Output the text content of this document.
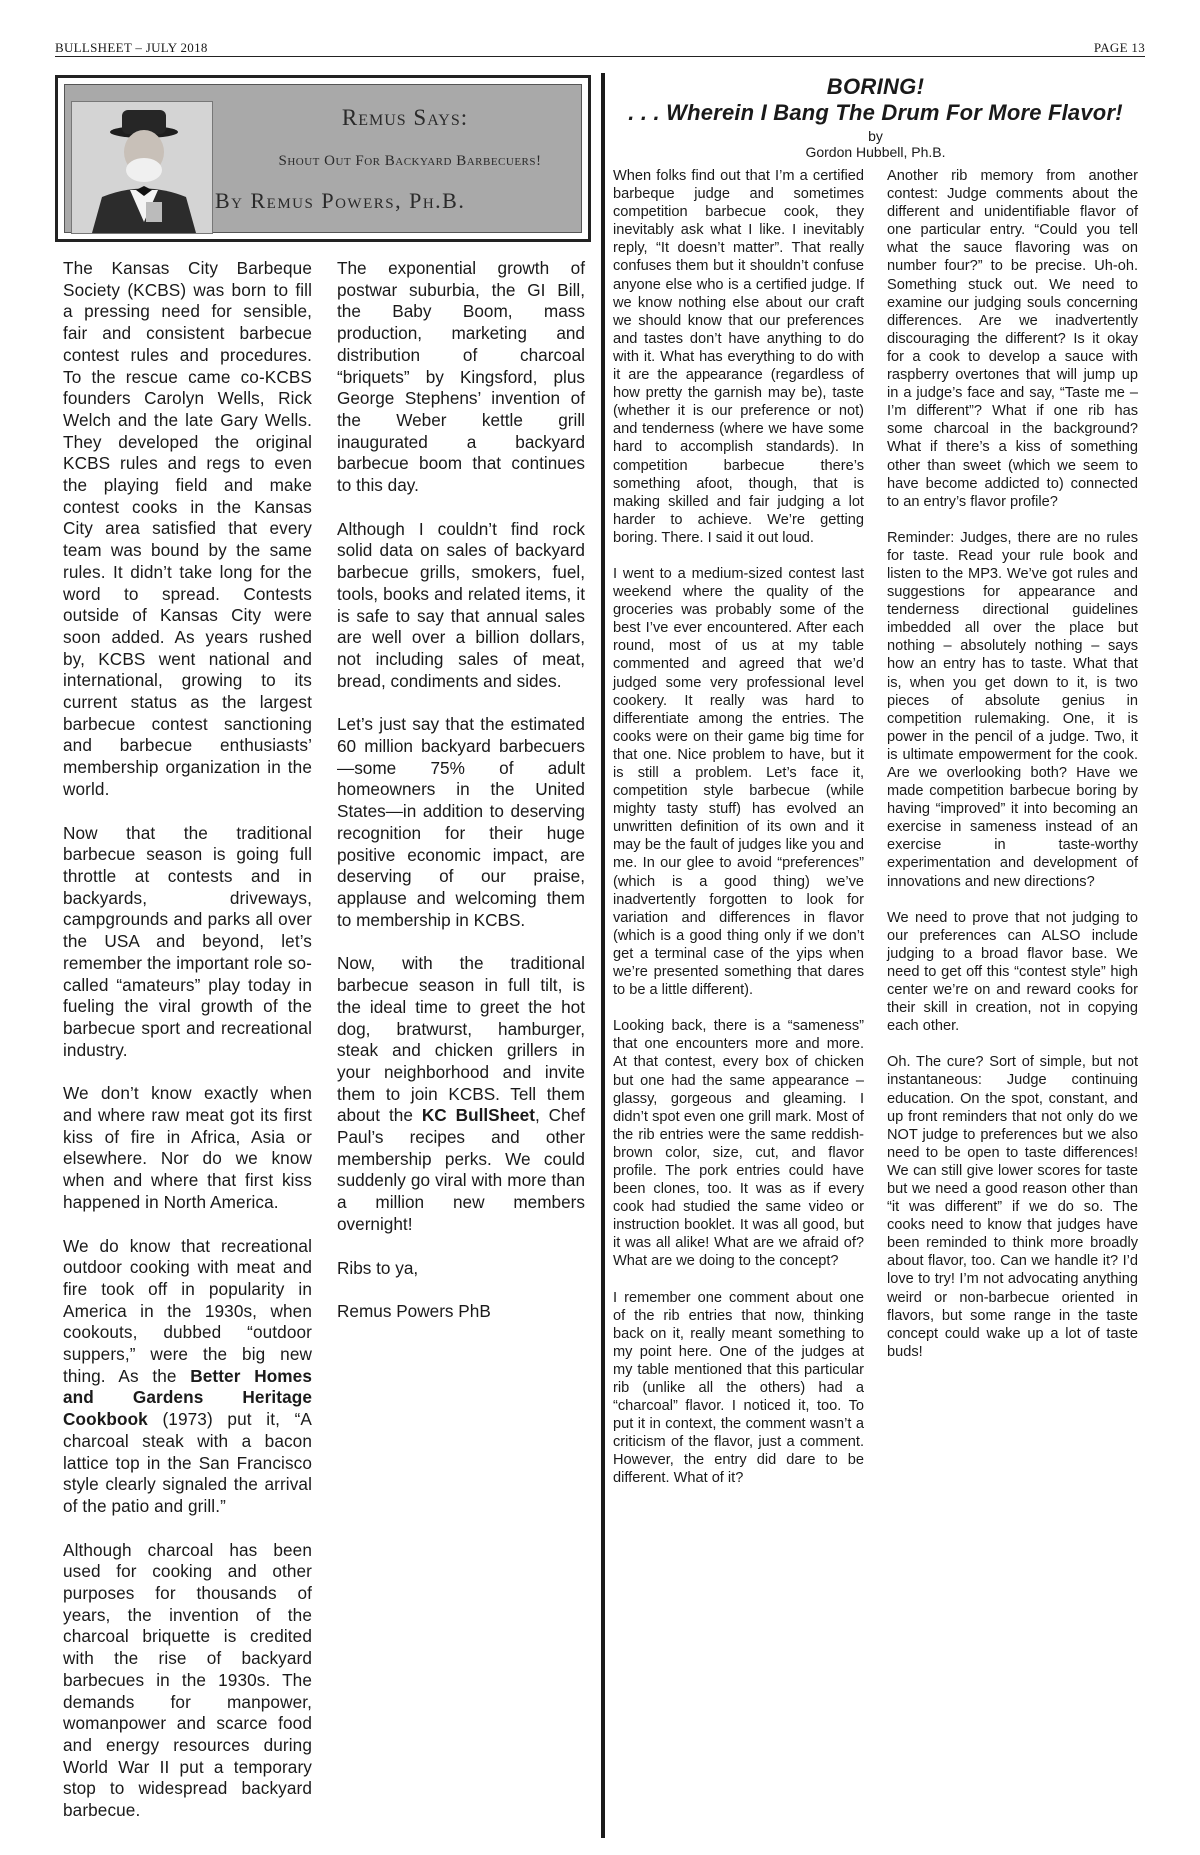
BULLSHEET – JULY 2018	PAGE 13
Remus Says:
Shout Out For Backyard Barbecuers!
By Remus Powers, Ph.B.

The Kansas City Barbeque Society (KCBS) was born to fill a pressing need for sensible, fair and consistent barbecue contest rules and procedures. To the rescue came co-KCBS founders Carolyn Wells, Rick Welch and the late Gary Wells. They developed the original KCBS rules and regs to even the playing field and make contest cooks in the Kansas City area satisfied that every team was bound by the same rules. It didn’t take long for the word to spread. Contests outside of Kansas City were soon added. As years rushed by, KCBS went national and international, growing to its current status as the largest barbecue contest sanctioning and barbecue enthusiasts’ membership organization in the world.

Now that the traditional barbecue season is going full throttle at contests and in backyards, driveways, campgrounds and parks all over the USA and beyond, let’s remember the important role so-called “amateurs” play today in fueling the viral growth of the barbecue sport and recreational industry.

We don’t know exactly when and where raw meat got its first kiss of fire in Africa, Asia or elsewhere. Nor do we know when and where that first kiss happened in North America.

We do know that recreational outdoor cooking with meat and fire took off in popularity in America in the 1930s, when cookouts, dubbed “outdoor suppers,” were the big new thing. As the Better Homes and Gardens Heritage Cookbook (1973) put it, “A charcoal steak with a bacon lattice top in the San Francisco style clearly signaled the arrival of the patio and grill.”

Although charcoal has been used for cooking and other purposes for thousands of years, the invention of the charcoal briquette is credited with the rise of backyard barbecues in the 1930s. The demands for manpower, womanpower and scarce food and energy resources during World War II put a temporary stop to widespread backyard barbecue.

The exponential growth of postwar suburbia, the GI Bill, the Baby Boom, mass production, marketing and distribution of charcoal “briquets” by Kingsford, plus George Stephens’ invention of the Weber kettle grill inaugurated a backyard barbecue boom that continues to this day.

Although I couldn’t find rock solid data on sales of backyard barbecue grills, smokers, fuel, tools, books and related items, it is safe to say that annual sales are well over a billion dollars, not including sales of meat, bread, condiments and sides.

Let’s just say that the estimated 60 million backyard barbecuers—some 75% of adult homeowners in the United States—in addition to deserving recognition for their huge positive economic impact, are deserving of our praise, applause and welcoming them to membership in KCBS.

Now, with the traditional barbecue season in full tilt, is the ideal time to greet the hot dog, bratwurst, hamburger, steak and chicken grillers in your neighborhood and invite them to join KCBS. Tell them about the KC BullSheet, Chef Paul’s recipes and other membership perks. We could suddenly go viral with more than a million new members overnight!

Ribs to ya,

Remus Powers PhB

BORING!
. . . Wherein I Bang The Drum For More Flavor!
by
Gordon Hubbell, Ph.B.

When folks find out that I’m a certified barbeque judge and sometimes competition barbecue cook, they inevitably ask what I like. I inevitably reply, “It doesn’t matter”. That really confuses them but it shouldn’t confuse anyone else who is a certified judge. If we know nothing else about our craft we should know that our preferences and tastes don’t have anything to do with it. What has everything to do with it are the appearance (regardless of how pretty the garnish may be), taste (whether it is our preference or not) and tenderness (where we have some hard to accomplish standards). In competition barbecue there’s something afoot, though, that is making skilled and fair judging a lot harder to achieve. We’re getting boring. There. I said it out loud.

I went to a medium-sized contest last weekend where the quality of the groceries was probably some of the best I’ve ever encountered. After each round, most of us at my table commented and agreed that we’d judged some very professional level cookery. It really was hard to differentiate among the entries. The cooks were on their game big time for that one. Nice problem to have, but it is still a problem. Let’s face it, competition style barbecue (while mighty tasty stuff) has evolved an unwritten definition of its own and it may be the fault of judges like you and me. In our glee to avoid “preferences” (which is a good thing) we’ve inadvertently forgotten to look for variation and differences in flavor (which is a good thing only if we don’t get a terminal case of the yips when we’re presented something that dares to be a little different).

Looking back, there is a “sameness” that one encounters more and more. At that contest, every box of chicken but one had the same appearance – glassy, gorgeous and gleaming. I didn’t spot even one grill mark. Most of the rib entries were the same reddish-brown color, size, cut, and flavor profile. The pork entries could have been clones, too. It was as if every cook had studied the same video or instruction booklet. It was all good, but it was all alike! What are we afraid of? What are we doing to the concept?

I remember one comment about one of the rib entries that now, thinking back on it, really meant something to my point here. One of the judges at my table mentioned that this particular rib (unlike all the others) had a “charcoal” flavor. I noticed it, too. To put it in context, the comment wasn’t a criticism of the flavor, just a comment. However, the entry did dare to be different. What of it?

Another rib memory from another contest: Judge comments about the different and unidentifiable flavor of one particular entry. “Could you tell what the sauce flavoring was on number four?” to be precise. Uh-oh. Something stuck out. We need to examine our judging souls concerning differences. Are we inadvertently discouraging the different? Is it okay for a cook to develop a sauce with raspberry overtones that will jump up in a judge’s face and say, “Taste me – I’m different”? What if one rib has some charcoal in the background? What if there’s a kiss of something other than sweet (which we seem to have become addicted to) connected to an entry’s flavor profile?

Reminder: Judges, there are no rules for taste. Read your rule book and listen to the MP3. We’ve got rules and suggestions for appearance and tenderness directional guidelines imbedded all over the place but nothing – absolutely nothing – says how an entry has to taste. What that is, when you get down to it, is two pieces of absolute genius in competition rulemaking. One, it is power in the pencil of a judge. Two, it is ultimate empowerment for the cook. Are we overlooking both? Have we made competition barbecue boring by having “improved” it into becoming an exercise in sameness instead of an exercise in taste-worthy experimentation and development of innovations and new directions?

We need to prove that not judging to our preferences can ALSO include judging to a broad flavor base. We need to get off this “contest style” high center we’re on and reward cooks for their skill in creation, not in copying each other.

Oh. The cure? Sort of simple, but not instantaneous: Judge continuing education. On the spot, constant, and up front reminders that not only do we NOT judge to preferences but we also need to be open to taste differences! We can still give lower scores for taste but we need a good reason other than “it was different” if we do so. The cooks need to know that judges have been reminded to think more broadly about flavor, too. Can we handle it? I’d love to try! I’m not advocating anything weird or non-barbecue oriented in flavors, but some range in the taste concept could wake up a lot of taste buds!
